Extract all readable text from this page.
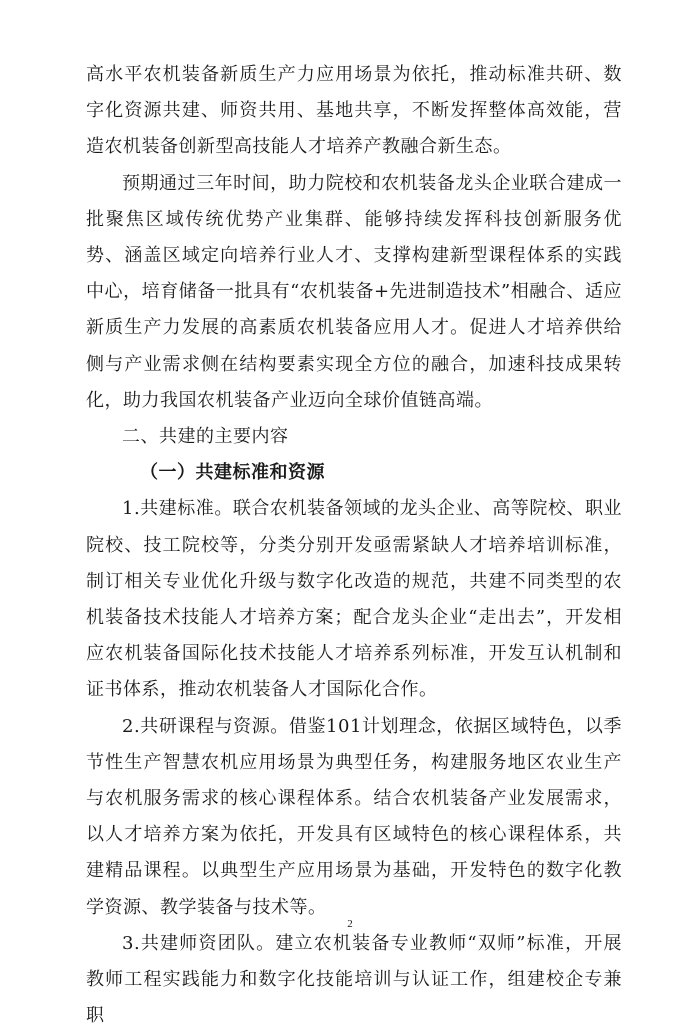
高水平农机装备新质生产力应用场景为依托，推动标准共研、数字化资源共建、师资共用、基地共享，不断发挥整体高效能，营造农机装备创新型高技能人才培养产教融合新生态。

预期通过三年时间，助力院校和农机装备龙头企业联合建成一批聚焦区域传统优势产业集群、能够持续发挥科技创新服务优势、涵盖区域定向培养行业人才、支撑构建新型课程体系的实践中心，培育储备一批具有“农机装备+先进制造技术”相融合、适应新质生产力发展的高素质农机装备应用人才。促进人才培养供给侧与产业需求侧在结构要素实现全方位的融合，加速科技成果转化，助力我国农机装备产业迈向全球价值链高端。

二、共建的主要内容
（一）共建标准和资源

1.共建标准。联合农机装备领域的龙头企业、高等院校、职业院校、技工院校等，分类分别开发亟需紧缺人才培养培训标准，制订相关专业优化升级与数字化改造的规范，共建不同类型的农机装备技术技能人才培养方案；配合龙头企业“走出去”，开发相应农机装备国际化技术技能人才培养系列标准，开发互认机制和证书体系，推动农机装备人才国际化合作。

2.共研课程与资源。借鉴101计划理念，依据区域特色，以季节性生产智慧农机应用场景为典型任务，构建服务地区农业生产与农机服务需求的核心课程体系。结合农机装备产业发展需求，以人才培养方案为依托，开发具有区域特色的核心课程体系，共建精品课程。以典型生产应用场景为基础，开发特色的数字化教学资源、教学装备与技术等。

3.共建师资团队。建立农机装备专业教师“双师”标准，开展教师工程实践能力和数字化技能培训与认证工作，组建校企专兼职

2
